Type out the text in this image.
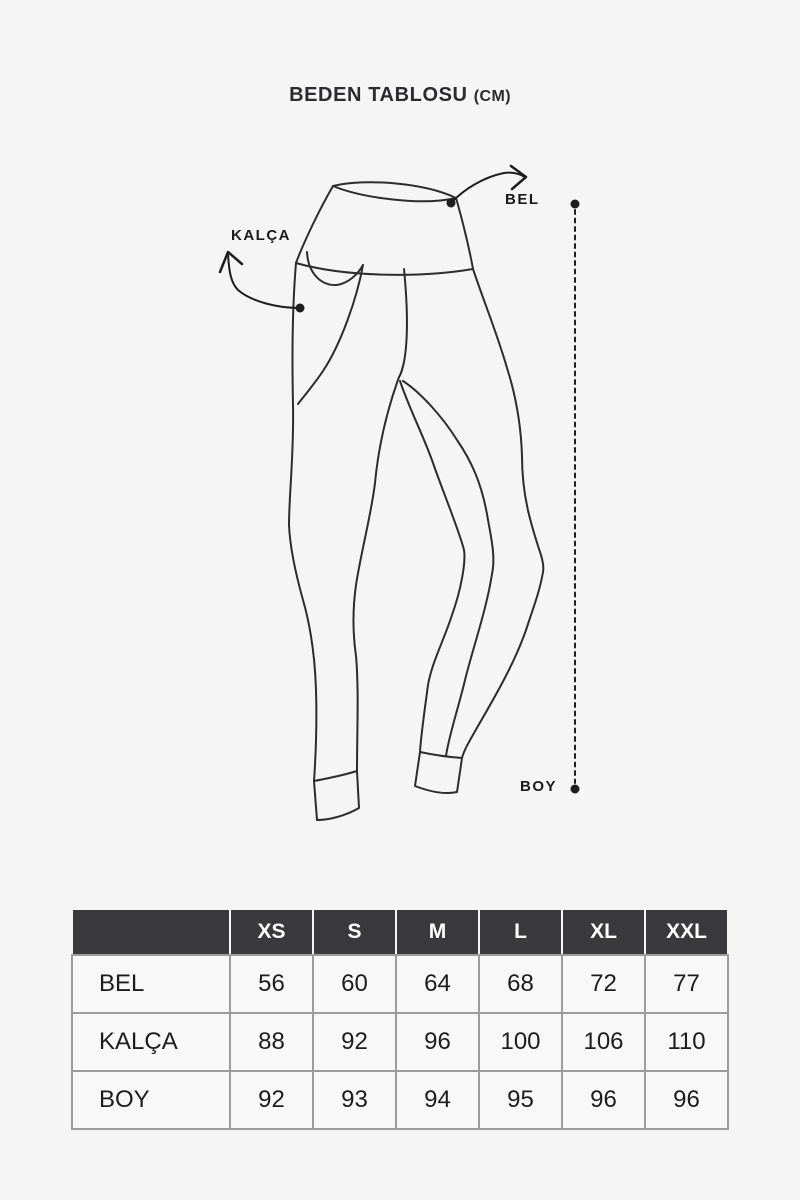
BEDEN TABLOSU (CM)
KALÇA
BEL
BOY
	XS	S	M	L	XL	XXL
BEL	56	60	64	68	72	77
KALÇA	88	92	96	100	106	110
BOY	92	93	94	95	96	96
